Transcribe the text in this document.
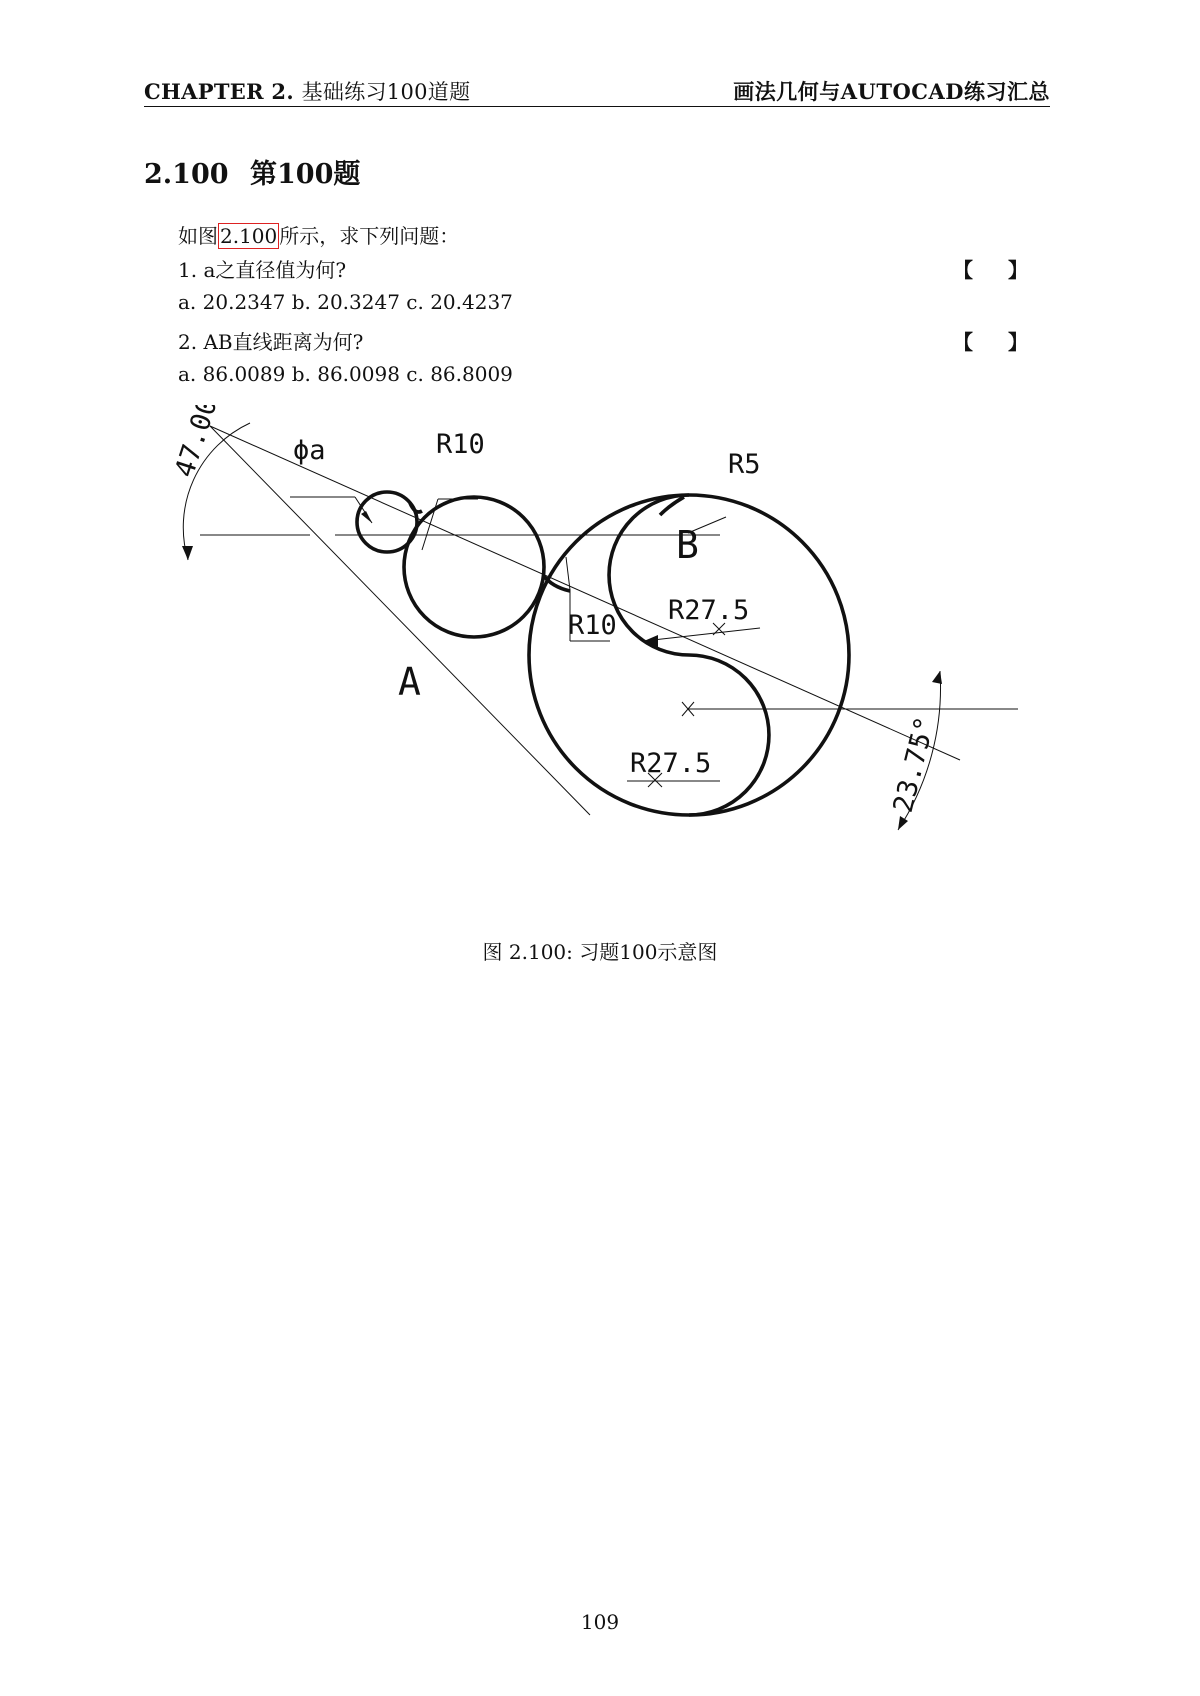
CHAPTER 2. 基础练习100道题	画法几何与AUTOCAD练习汇总
2.100 第100题
如图 2.100 所示，求下列问题：
1. a之直径值为何?	【 】
a. 20.2347 b. 20.3247 c. 20.4237
2. AB直线距离为何?	【 】
a. 86.0089 b. 86.0098 c. 86.8009
47.00° ϕa	R10
R5
B
R27.5
R10
A
R27.5	23.75°
图 2.100: 习题100示意图
109
